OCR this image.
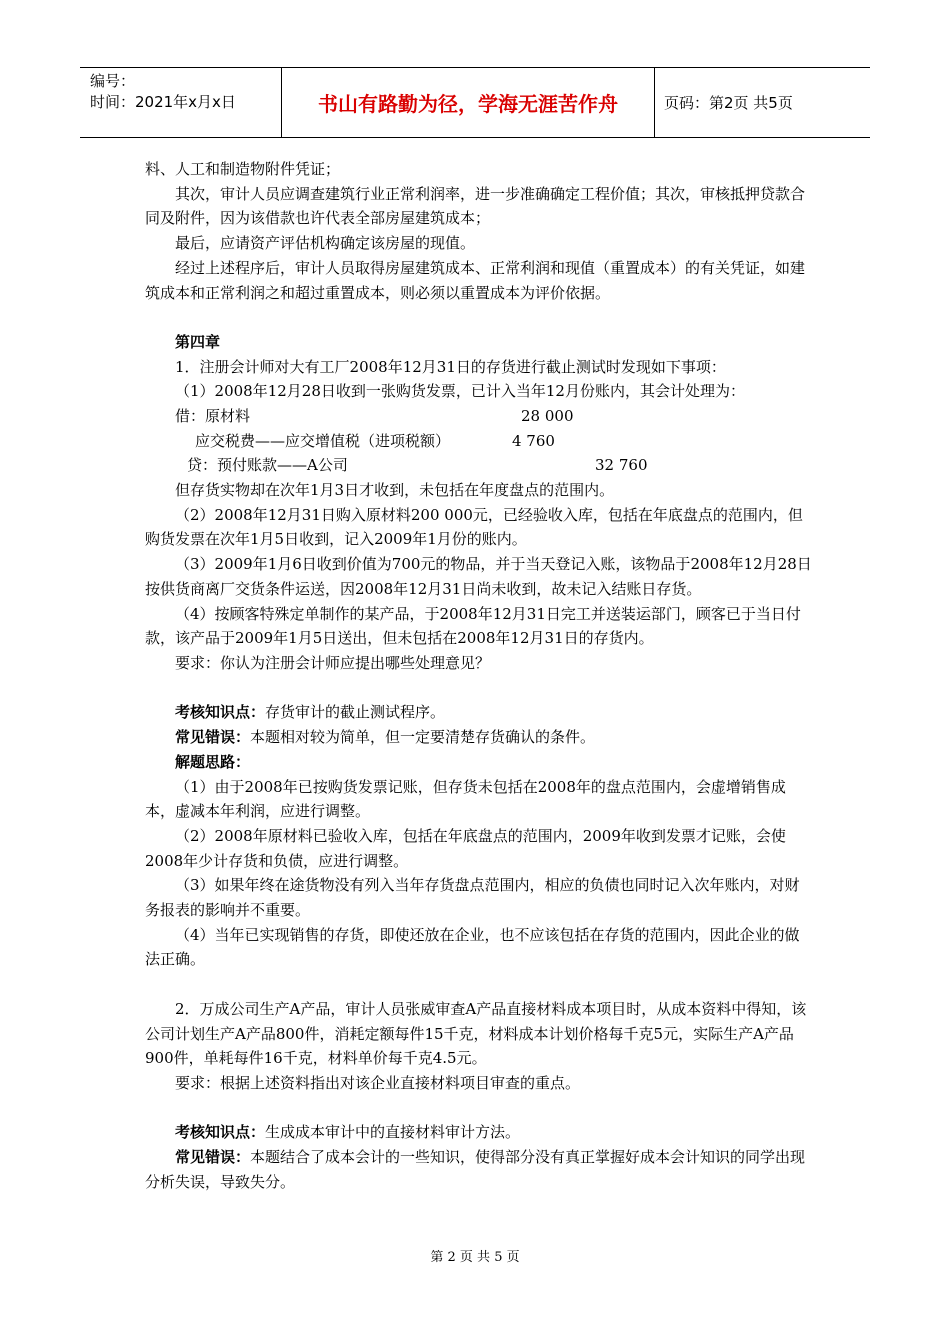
编号：
时间：2021年x月x日	书山有路勤为径，学海无涯苦作舟	页码：第2页 共5页

料、人工和制造物附件凭证；

其次，审计人员应调查建筑行业正常利润率，进一步准确确定工程价值；其次，审核抵押贷款合同及附件，因为该借款也许代表全部房屋建筑成本；

最后，应请资产评估机构确定该房屋的现值。

经过上述程序后，审计人员取得房屋建筑成本、正常利润和现值（重置成本）的有关凭证，如建筑成本和正常利润之和超过重置成本，则必须以重置成本为评价依据。

第四章

1．注册会计师对大有工厂2008年12月31日的存货进行截止测试时发现如下事项：

（1）2008年12月28日收到一张购货发票，已计入当年12月份账内，其会计处理为：

借：原材料	28 000
应交税费——应交增值税（进项税额）	4 760
贷：预付账款——A公司	32 760

但存货实物却在次年1月3日才收到，未包括在年度盘点的范围内。

（2）2008年12月31日购入原材料200 000元，已经验收入库，包括在年底盘点的范围内，但购货发票在次年1月5日收到，记入2009年1月份的账内。

（3）2009年1月6日收到价值为700元的物品，并于当天登记入账，该物品于2008年12月28日按供货商离厂交货条件运送，因2008年12月31日尚未收到，故未记入结账日存货。

（4）按顾客特殊定单制作的某产品，于2008年12月31日完工并送装运部门，顾客已于当日付款，该产品于2009年1月5日送出，但未包括在2008年12月31日的存货内。

要求：你认为注册会计师应提出哪些处理意见？

考核知识点：存货审计的截止测试程序。

常见错误：本题相对较为简单，但一定要清楚存货确认的条件。

解题思路：

（1）由于2008年已按购货发票记账，但存货未包括在2008年的盘点范围内，会虚增销售成本，虚减本年利润，应进行调整。

（2）2008年原材料已验收入库，包括在年底盘点的范围内，2009年收到发票才记账，会使2008年少计存货和负债，应进行调整。

（3）如果年终在途货物没有列入当年存货盘点范围内，相应的负债也同时记入次年账内，对财务报表的影响并不重要。

（4）当年已实现销售的存货，即使还放在企业，也不应该包括在存货的范围内，因此企业的做法正确。

2．万成公司生产A产品，审计人员张威审查A产品直接材料成本项目时，从成本资料中得知，该公司计划生产A产品800件，消耗定额每件15千克，材料成本计划价格每千克5元，实际生产A产品900件，单耗每件16千克，材料单价每千克4.5元。

要求：根据上述资料指出对该企业直接材料项目审查的重点。

考核知识点：生成成本审计中的直接材料审计方法。

常见错误：本题结合了成本会计的一些知识，使得部分没有真正掌握好成本会计知识的同学出现分析失误，导致失分。

第 2 页 共 5 页
